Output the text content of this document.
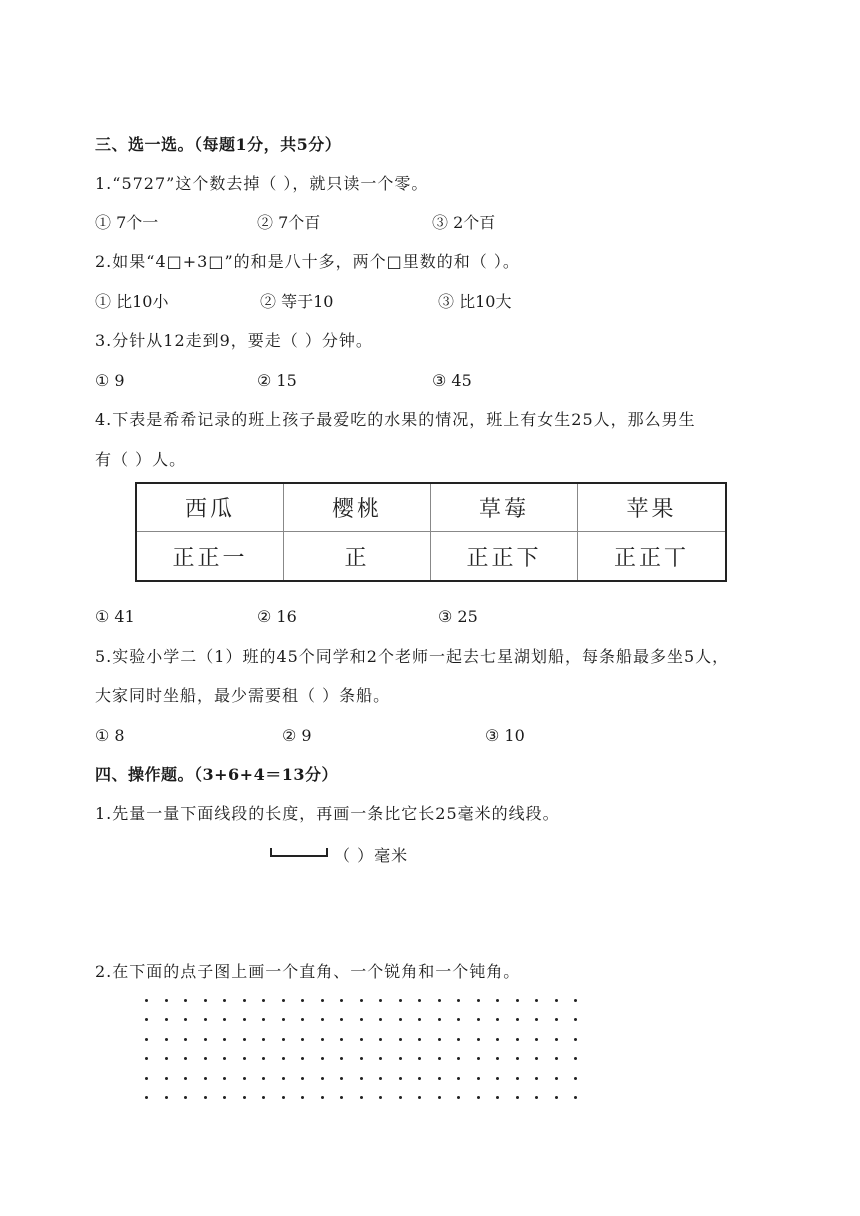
三、选一选。（每题1分，共5分）
1.“5727”这个数去掉（ ），就只读一个零。
① 7个一	② 7个百	③ 2个百
2.如果“4□+3□”的和是八十多，两个□里数的和（ ）。
① 比10小	② 等于10	③ 比10大
3.分针从12走到9，要走（ ）分钟。
① 9	② 15	③ 45
4.下表是希希记录的班上孩子最爱吃的水果的情况，班上有女生25人，那么男生
有（ ）人。
西瓜	樱桃	草莓	苹果
正正一	正	正正下	正正丅
① 41	② 16	③ 25
5.实验小学二（1）班的45个同学和2个老师一起去七星湖划船，每条船最多坐5人，
大家同时坐船，最少需要租（ ）条船。
① 8	② 9	③ 10
四、操作题。（3+6+4＝13分）
1.先量一量下面线段的长度，再画一条比它长25毫米的线段。
（ ）毫米
2.在下面的点子图上画一个直角、一个锐角和一个钝角。
